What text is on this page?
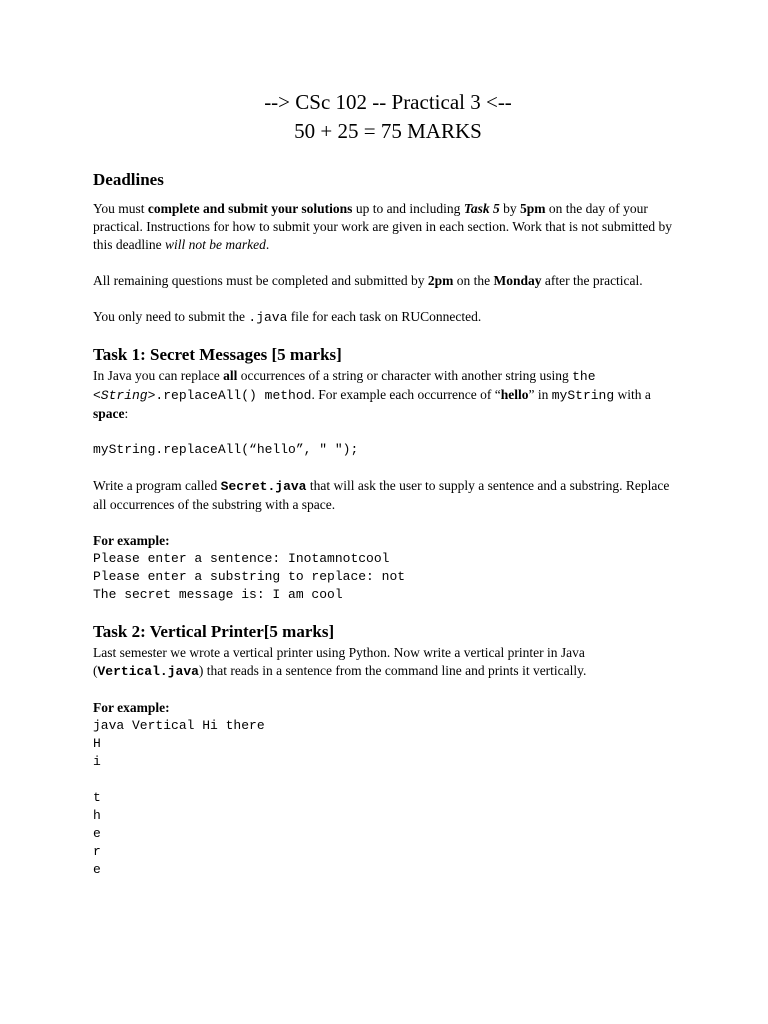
--> CSc 102 -- Practical 3 <--
50 + 25 = 75 MARKS
Deadlines

You must complete and submit your solutions up to and including Task 5 by 5pm on the day of your practical. Instructions for how to submit your work are given in each section. Work that is not submitted by this deadline will not be marked.

All remaining questions must be completed and submitted by 2pm on the Monday after the practical.

You only need to submit the .java file for each task on RUConnected.

Task 1: Secret Messages [5 marks]

In Java you can replace all occurrences of a string or character with another string using the
<String>.replaceAll() method. For example each occurrence of “hello” in myString with a
space:

myString.replaceAll(“hello”, " ");

Write a program called Secret.java that will ask the user to supply a sentence and a substring. Replace all occurrences of the substring with a space.

For example:
Please enter a sentence: Inotamnotcool
Please enter a substring to replace: not
The secret message is: I am cool
Task 2: Vertical Printer[5 marks]

Last semester we wrote a vertical printer using Python. Now write a vertical printer in Java (Vertical.java) that reads in a sentence from the command line and prints it vertically.

For example:
java Vertical Hi there
H
i

t
h
e
r
e
